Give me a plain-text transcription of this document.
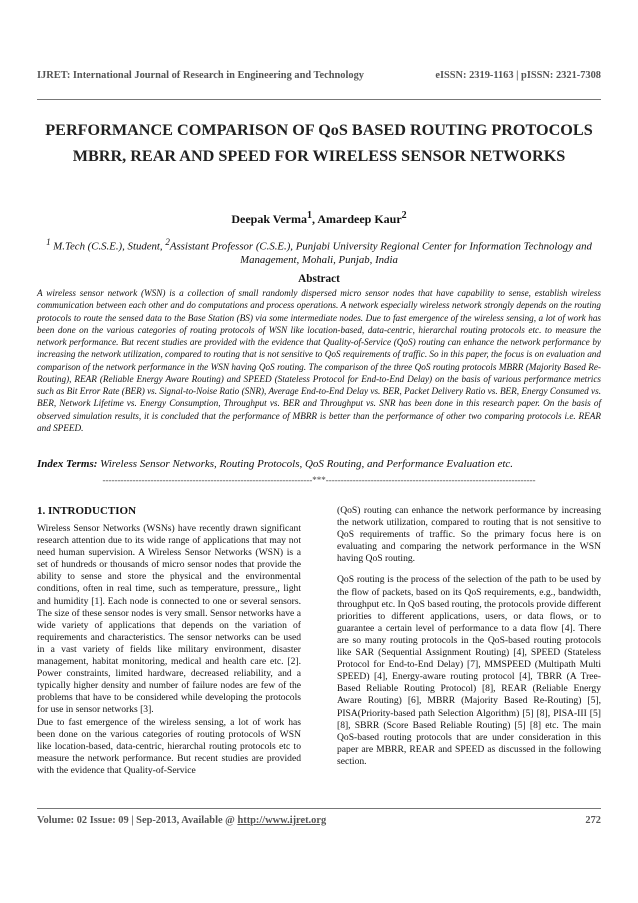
IJRET: International Journal of Research in Engineering and Technology	eISSN: 2319-1163 | pISSN: 2321-7308
PERFORMANCE COMPARISON OF QoS BASED ROUTING PROTOCOLS MBRR, REAR AND SPEED FOR WIRELESS SENSOR NETWORKS
Deepak Verma$^1$, Amardeep Kaur$^2$
$^1$ M.Tech (C.S.E.), Student, $^2$Assistant Professor (C.S.E.), Punjabi University Regional Center for Information Technology and Management, Mohali, Punjab, India
Abstract
A wireless sensor network (WSN) is a collection of small randomly dispersed micro sensor nodes that have capability to sense, establish wireless communication between each other and do computations and process operations. A network especially wireless network strongly depends on the routing protocols to route the sensed data to the Base Station (BS) via some intermediate nodes. Due to fast emergence of the wireless sensing, a lot of work has been done on the various categories of routing protocols of WSN like location-based, data-centric, hierarchal routing protocols etc. to measure the network performance. But recent studies are provided with the evidence that Quality-of-Service (QoS) routing can enhance the network performance by increasing the network utilization, compared to routing that is not sensitive to QoS requirements of traffic. So in this paper, the focus is on evaluation and comparison of the network performance in the WSN having QoS routing. The comparison of the three QoS routing protocols MBRR (Majority Based Re-Routing), REAR (Reliable Energy Aware Routing) and SPEED (Stateless Protocol for End-to-End Delay) on the basis of various performance metrics such as Bit Error Rate (BER) vs. Signal-to-Noise Ratio (SNR), Average End-to-End Delay vs. BER, Packet Delivery Ratio vs. BER, Energy Consumed vs. BER, Network Lifetime vs. Energy Consumption, Throughput vs. BER and Throughput vs. SNR has been done in this research paper. On the basis of observed simulation results, it is concluded that the performance of MBRR is better than the performance of other two comparing protocols i.e. REAR and SPEED.
Index Terms: Wireless Sensor Networks, Routing Protocols, QoS Routing, and Performance Evaluation etc.
----------------------------------------------------------------------***----------------------------------------------------------------------
1. INTRODUCTION

Wireless Sensor Networks (WSNs) have recently drawn significant research attention due to its wide range of applications that may not need human supervision. A Wireless Sensor Networks (WSN) is a set of hundreds or thousands of micro sensor nodes that provide the ability to sense and store the physical and the environmental conditions, often in real time, such as temperature, pressure,, light and humidity [1]. Each node is connected to one or several sensors. The size of these sensor nodes is very small. Sensor networks have a wide variety of applications that depends on the variation of requirements and characteristics. The sensor networks can be used in a vast variety of fields like military environment, disaster management, habitat monitoring, medical and health care etc. [2]. Power constraints, limited hardware, decreased reliability, and a typically higher density and number of failure nodes are few of the problems that have to be considered while developing the protocols for use in sensor networks [3].

Due to fast emergence of the wireless sensing, a lot of work has been done on the various categories of routing protocols of WSN like location-based, data-centric, hierarchal routing protocols etc to measure the network performance. But recent studies are provided with the evidence that Quality-of-Service

(QoS) routing can enhance the network performance by increasing the network utilization, compared to routing that is not sensitive to QoS requirements of traffic. So the primary focus here is on evaluating and comparing the network performance in the WSN having QoS routing.

QoS routing is the process of the selection of the path to be used by the flow of packets, based on its QoS requirements, e.g., bandwidth, throughput etc. In QoS based routing, the protocols provide different priorities to different applications, users, or data flows, or to guarantee a certain level of performance to a data flow [4]. There are so many routing protocols in the QoS-based routing protocols like SAR (Sequential Assignment Routing) [4], SPEED (Stateless Protocol for End-to-End Delay) [7], MMSPEED (Multipath Multi SPEED) [4], Energy-aware routing protocol [4], TBRR (A Tree-Based Reliable Routing Protocol) [8], REAR (Reliable Energy Aware Routing) [6], MBRR (Majority Based Re-Routing) [5], PISA(Priority-based path Selection Algorithm) [5] [8], PISA-III [5] [8], SBRR (Score Based Reliable Routing) [5] [8] etc. The main QoS-based routing protocols that are under consideration in this paper are MBRR, REAR and SPEED as discussed in the following section.

Volume: 02 Issue: 09 | Sep-2013, Available @ http://www.ijret.org	272
